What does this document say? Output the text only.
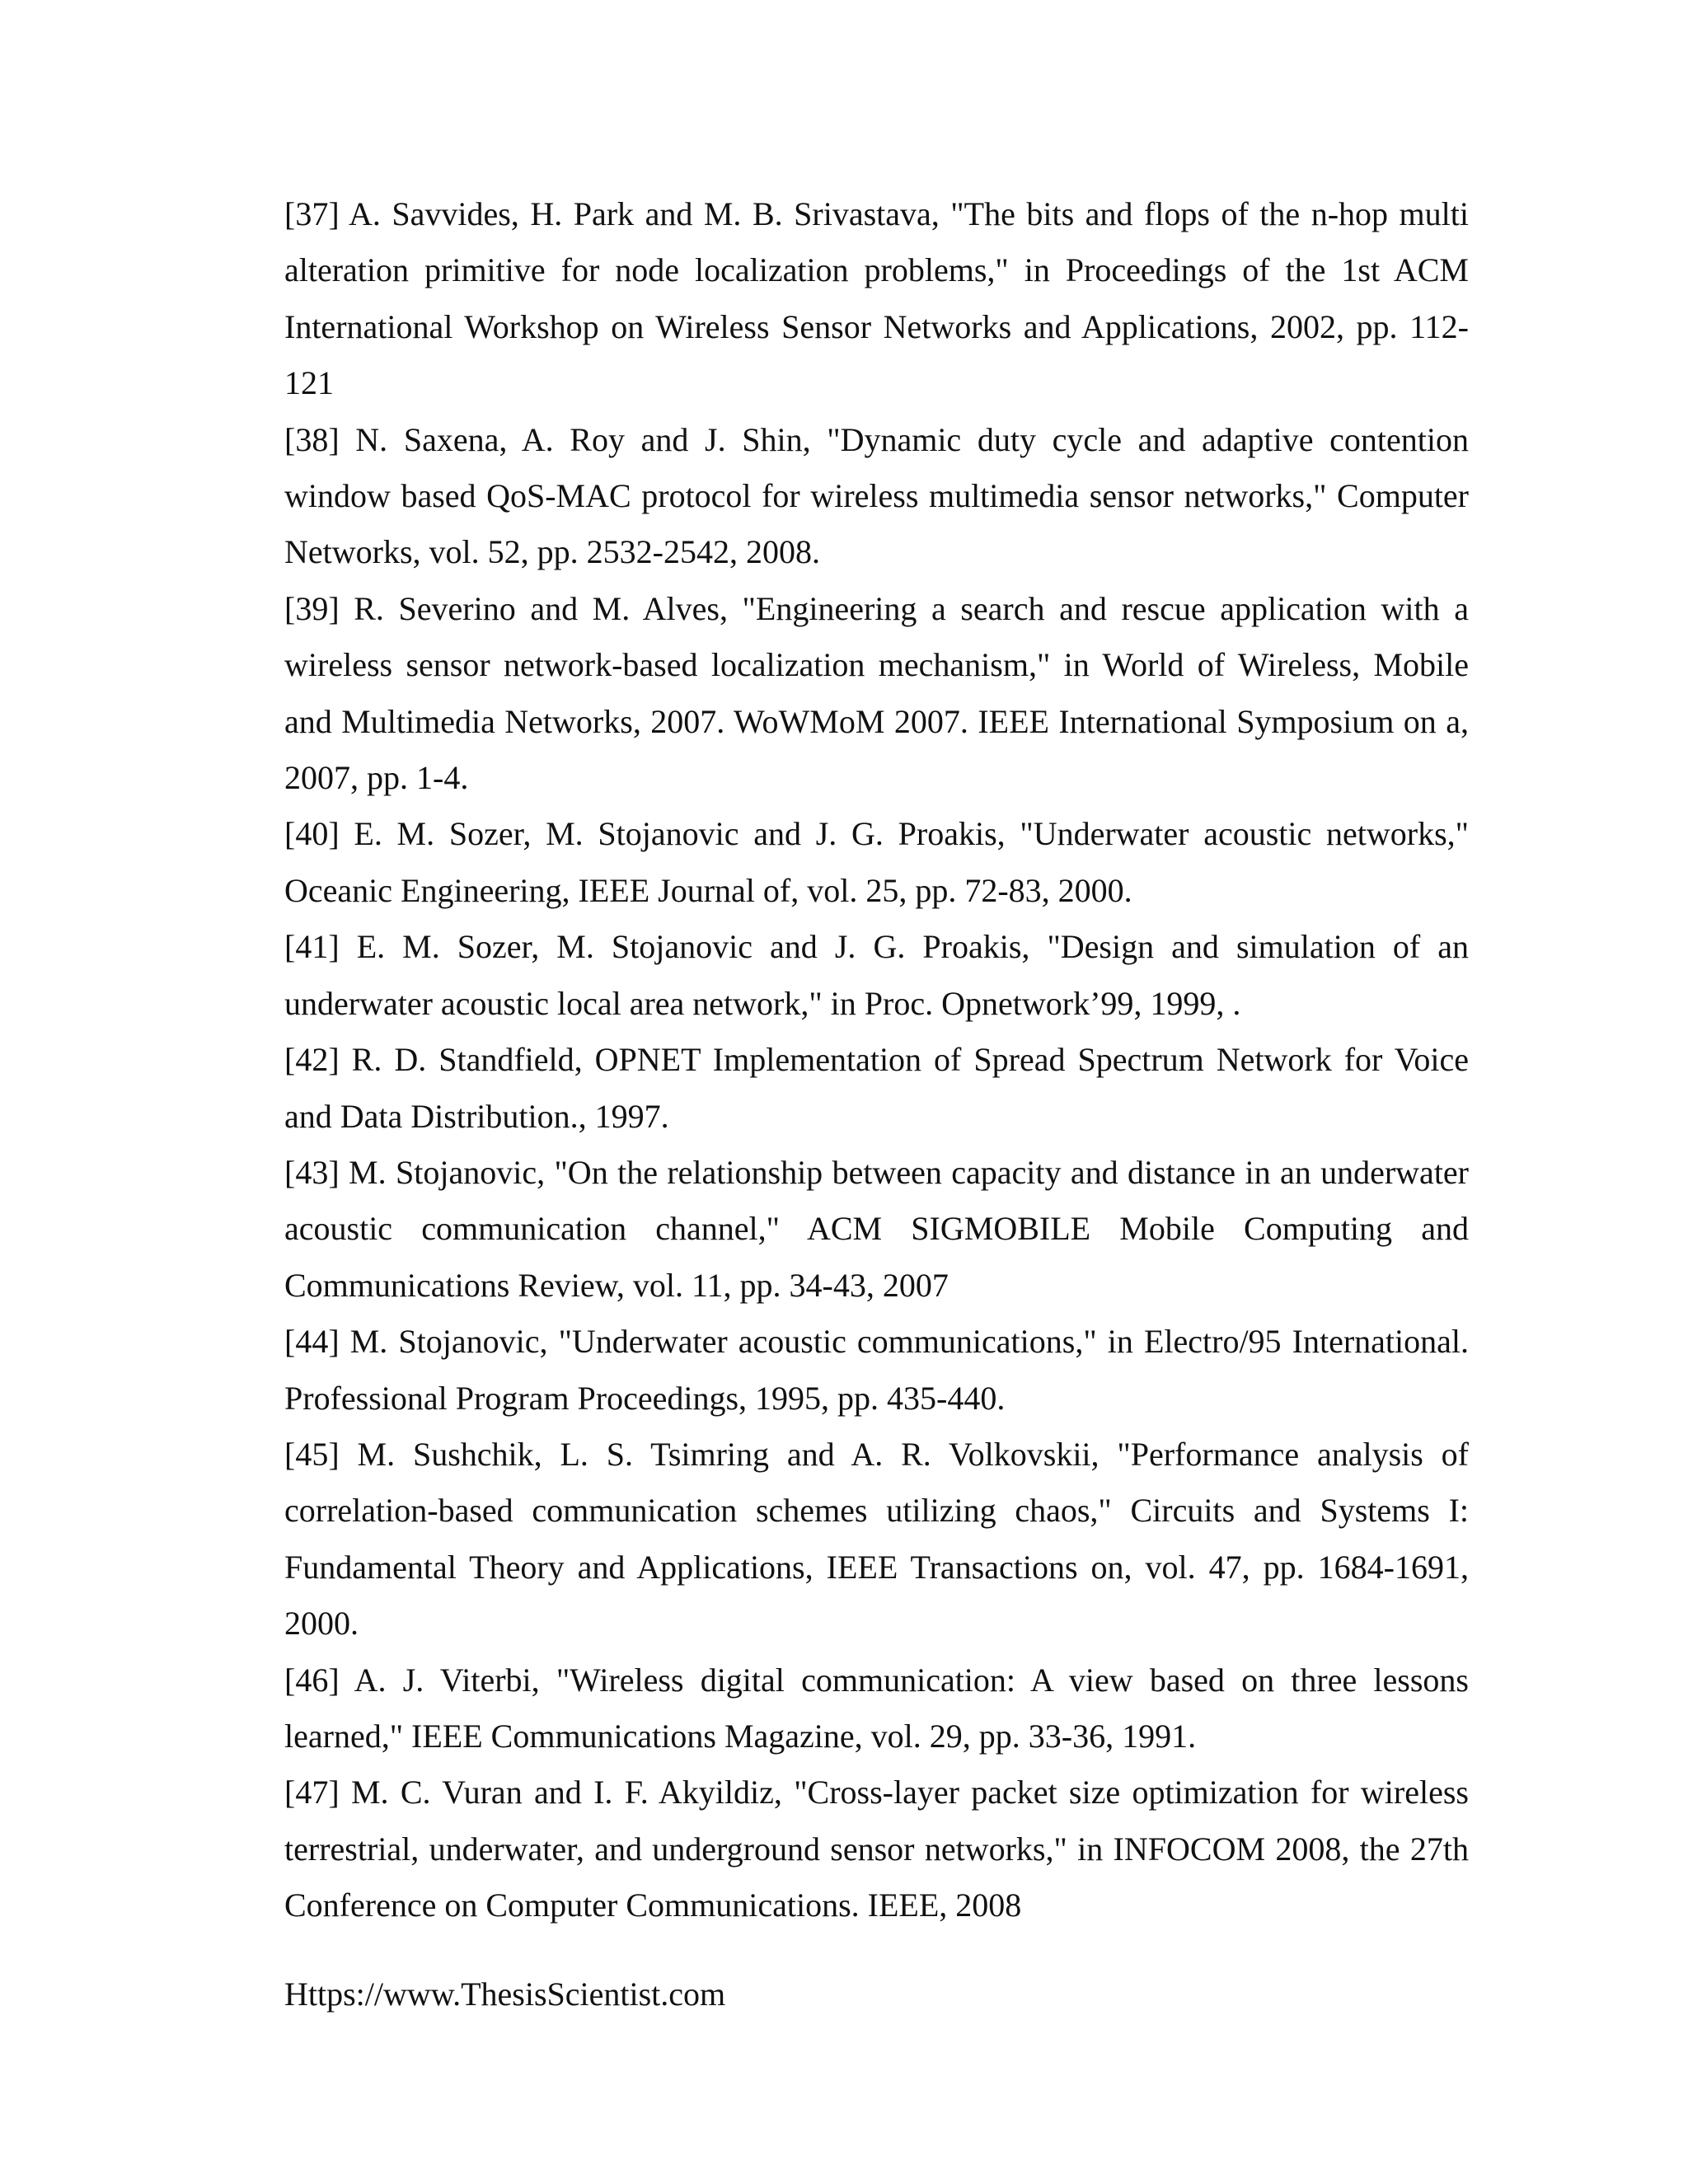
[37] A. Savvides, H. Park and M. B. Srivastava, "The bits and flops of the n-hop multi alteration primitive for node localization problems," in Proceedings of the 1st ACM International Workshop on Wireless Sensor Networks and Applications, 2002, pp. 112-121

[38] N. Saxena, A. Roy and J. Shin, "Dynamic duty cycle and adaptive contention window based QoS-MAC protocol for wireless multimedia sensor networks," Computer Networks, vol. 52, pp. 2532-2542, 2008.

[39] R. Severino and M. Alves, "Engineering a search and rescue application with a wireless sensor network-based localization mechanism," in World of Wireless, Mobile and Multimedia Networks, 2007. WoWMoM 2007. IEEE International Symposium on a, 2007, pp. 1-4.

[40] E. M. Sozer, M. Stojanovic and J. G. Proakis, "Underwater acoustic networks," Oceanic Engineering, IEEE Journal of, vol. 25, pp. 72-83, 2000.

[41] E. M. Sozer, M. Stojanovic and J. G. Proakis, "Design and simulation of an underwater acoustic local area network," in Proc. Opnetwork’99, 1999, .

[42] R. D. Standfield, OPNET Implementation of Spread Spectrum Network for Voice and Data Distribution., 1997.

[43] M. Stojanovic, "On the relationship between capacity and distance in an underwater acoustic communication channel," ACM SIGMOBILE Mobile Computing and Communications Review, vol. 11, pp. 34-43, 2007

[44] M. Stojanovic, "Underwater acoustic communications," in Electro/95 International. Professional Program Proceedings, 1995, pp. 435-440.

[45] M. Sushchik, L. S. Tsimring and A. R. Volkovskii, "Performance analysis of correlation-based communication schemes utilizing chaos," Circuits and Systems I: Fundamental Theory and Applications, IEEE Transactions on, vol. 47, pp. 1684-1691, 2000.

[46] A. J. Viterbi, "Wireless digital communication: A view based on three lessons learned," IEEE Communications Magazine, vol. 29, pp. 33-36, 1991.

[47] M. C. Vuran and I. F. Akyildiz, "Cross-layer packet size optimization for wireless terrestrial, underwater, and underground sensor networks," in INFOCOM 2008, the 27th Conference on Computer Communications. IEEE, 2008

Https://www.ThesisScientist.com
